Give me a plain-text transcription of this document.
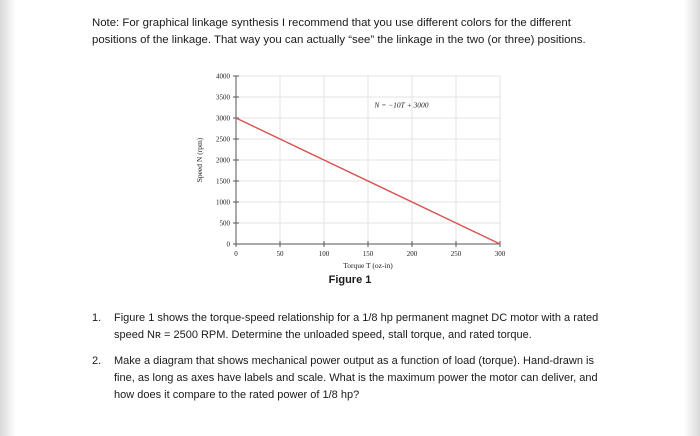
Note: For graphical linkage synthesis I recommend that you use different colors for the different positions of the linkage. That way you can actually “see” the linkage in the two (or three) positions.

0	50	100	150	200	250	300
0
500
1000
1500
2000
2500
3000
3500
4000
Torque T (oz-in)
Speed N (rpm)
N = −10T + 3000
Figure 1
1. Figure 1 shows the torque-speed relationship for a 1/8 hp permanent magnet DC motor with a rated speed Nʀ = 2500 RPM. Determine the unloaded speed, stall torque, and rated torque.
2. Make a diagram that shows mechanical power output as a function of load (torque). Hand-drawn is fine, as long as axes have labels and scale. What is the maximum power the motor can deliver, and how does it compare to the rated power of 1/8 hp?
